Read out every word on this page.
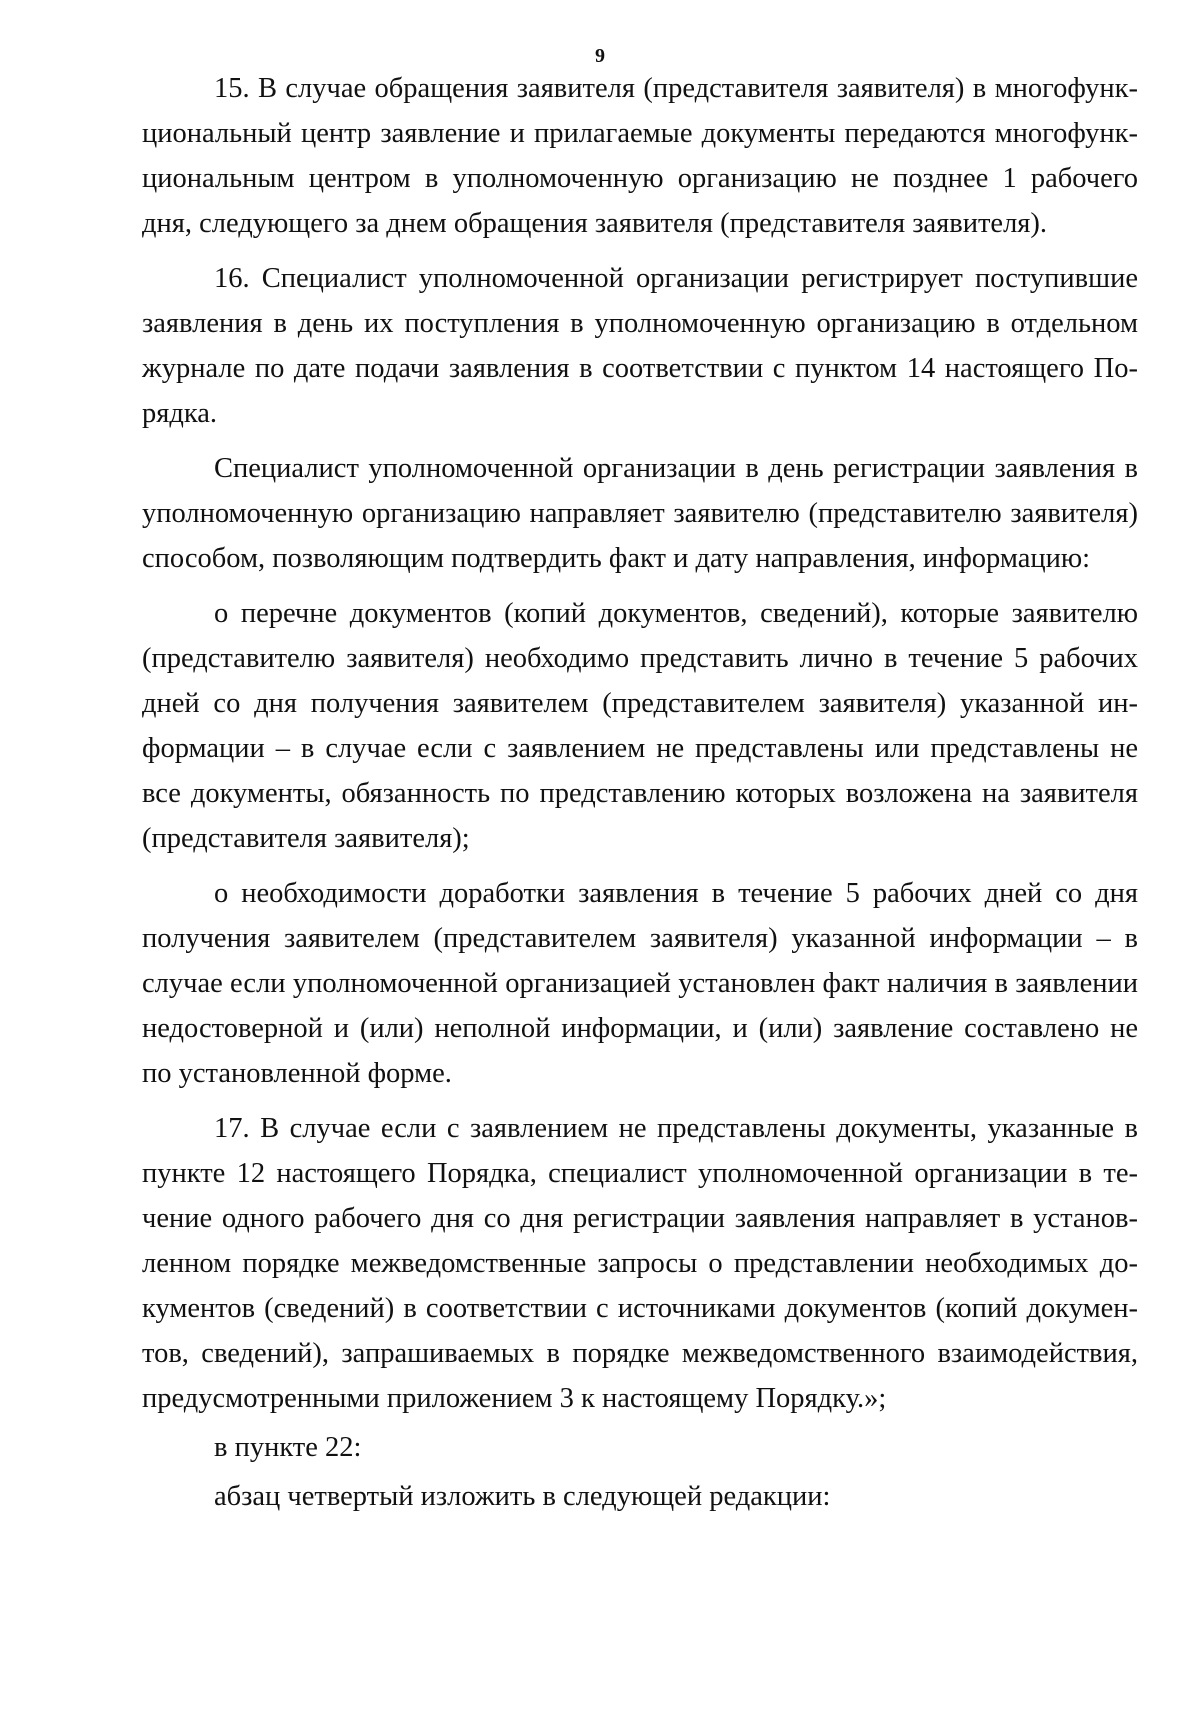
9

15. В случае обращения заявителя (представителя заявителя) в многофункциональный центр заявление и прилагаемые документы передаются многофункциональным центром в уполномоченную организацию не позднее 1 рабочего дня, следующего за днем обращения заявителя (представителя заявителя).

16. Специалист уполномоченной организации регистрирует поступившие заявления в день их поступления в уполномоченную организацию в отдельном журнале по дате подачи заявления в соответствии с пунктом 14 настоящего Порядка.

Специалист уполномоченной организации в день регистрации заявления в уполномоченную организацию направляет заявителю (представителю заявителя) способом, позволяющим подтвердить факт и дату направления, информацию:

о перечне документов (копий документов, сведений), которые заявителю (представителю заявителя) необходимо представить лично в течение 5 рабочих дней со дня получения заявителем (представителем заявителя) указанной информации – в случае если с заявлением не представлены или представлены не все документы, обязанность по представлению которых возложена на заявителя (представителя заявителя);

о необходимости доработки заявления в течение 5 рабочих дней со дня получения заявителем (представителем заявителя) указанной информации – в случае если уполномоченной организацией установлен факт наличия в заявлении недостоверной и (или) неполной информации, и (или) заявление составлено не по установленной форме.

17. В случае если с заявлением не представлены документы, указанные в пункте 12 настоящего Порядка, специалист уполномоченной организации в течение одного рабочего дня со дня регистрации заявления направляет в установленном порядке межведомственные запросы о представлении необходимых документов (сведений) в соответствии с источниками документов (копий документов, сведений), запрашиваемых в порядке межведомственного взаимодействия, предусмотренными приложением 3 к настоящему Порядку.»;

в пункте 22:

абзац четвертый изложить в следующей редакции:
